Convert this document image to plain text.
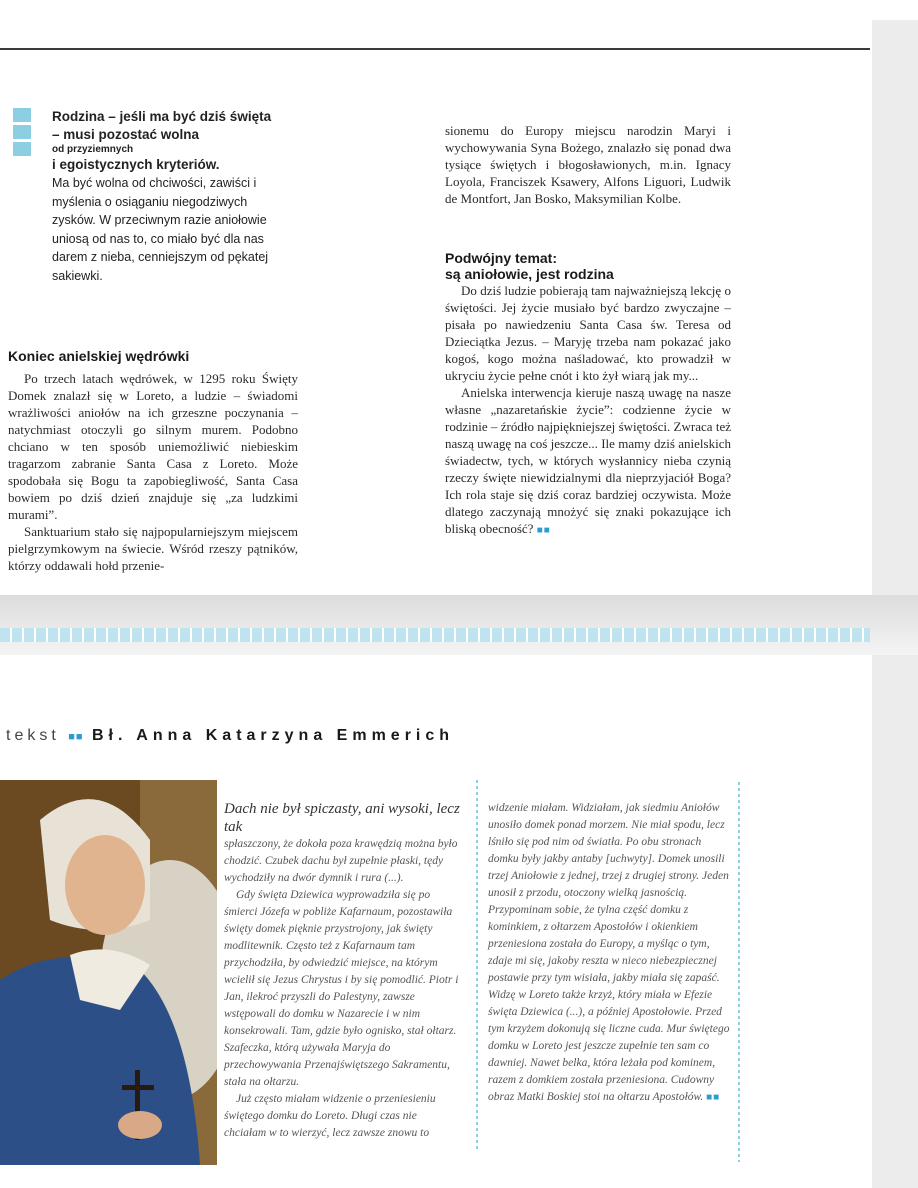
Rodzina – jeśli ma być dziś święta
– musi pozostać wolna
od przyziemnych
i egoistycznych kryteriów.
Ma być wolna od chciwości, zawiści i myślenia o osiąganiu niegodziwych zysków. W przeciwnym razie aniołowie uniosą od nas to, co miało być dla nas darem z nieba, cenniejszym od pękatej sakiewki.
Koniec anielskiej wędrówki

Po trzech latach wędrówek, w 1295 roku Święty Domek znalazł się w Loreto, a ludzie – świadomi wrażliwości aniołów na ich grzeszne poczynania – natychmiast otoczyli go silnym murem. Podobno chciano w ten sposób uniemożliwić niebieskim tragarzom zabranie Santa Casa z Loreto. Może spodobała się Bogu ta zapobiegliwość, Santa Casa bowiem po dziś dzień znajduje się „za ludzkimi murami”.

Sanktuarium stało się najpopularniejszym miejscem pielgrzymkowym na świecie. Wśród rzeszy pątników, którzy oddawali hołd przenie-

sionemu do Europy miejscu narodzin Maryi i wychowywania Syna Bożego, znalazło się ponad dwa tysiące świętych i błogosławionych, m.in. Ignacy Loyola, Franciszek Ksawery, Alfons Liguori, Ludwik de Montfort, Jan Bosko, Maksymilian Kolbe.

Podwójny temat:
są aniołowie, jest rodzina

Do dziś ludzie pobierają tam najważniejszą lekcję o świętości. Jej życie musiało być bardzo zwyczajne – pisała po nawiedzeniu Santa Casa św. Teresa od Dzieciątka Jezus. – Maryję trzeba nam pokazać jako kogoś, kogo można naśladować, kto prowadził w ukryciu życie pełne cnót i kto żył wiarą jak my...

Anielska interwencja kieruje naszą uwagę na nasze własne „nazaretańskie życie”: codzienne życie w rodzinie – źródło najpiękniejszej świętości. Zwraca też naszą uwagę na coś jeszcze... Ile mamy dziś anielskich świadectw, tych, w których wysłannicy nieba czynią rzeczy święte niewidzialnymi dla nieprzyjaciół Boga? Ich rola staje się dziś coraz bardziej oczywista. Może dlatego zaczynają mnożyć się znaki pokazujące ich bliską obecność? ■■

tekst ■■ Bł. Anna Katarzyna Emmerich

Dach nie był spiczasty, ani wysoki, lecz tak

spłaszczony, że dokoła poza krawędzią można było chodzić. Czubek dachu był zupełnie płaski, tędy wychodziły na dwór dymnik i rura (...).

Gdy święta Dziewica wyprowadziła się po śmierci Józefa w pobliże Kafarnaum, pozostawiła święty domek pięknie przystrojony, jak święty modlitewnik. Często też z Kafarnaum tam przychodziła, by odwiedzić miejsce, na którym wcielił się Jezus Chrystus i by się pomodlić. Piotr i Jan, ilekroć przyszli do Palestyny, zawsze wstępowali do domku w Nazarecie i w nim konsekrowali. Tam, gdzie było ognisko, stał ołtarz. Szafeczka, którą używała Maryja do przechowywania Przenajświętszego Sakramentu, stała na ołtarzu.

Już często miałam widzenie o przeniesieniu świętego domku do Loreto. Długi czas nie chciałam w to wierzyć, lecz zawsze znowu to

widzenie miałam. Widziałam, jak siedmiu Aniołów unosiło domek ponad morzem. Nie miał spodu, lecz lśniło się pod nim od światła. Po obu stronach domku były jakby antaby [uchwyty]. Domek unosili trzej Aniołowie z jednej, trzej z drugiej strony. Jeden unosił z przodu, otoczony wielką jasnością. Przypominam sobie, że tylna część domku z kominkiem, z ołtarzem Apostołów i okienkiem przeniesiona została do Europy, a myśląc o tym, zdaje mi się, jakoby reszta w nieco niebezpiecznej postawie przy tym wisiała, jakby miała się zapaść. Widzę w Loreto także krzyż, który miała w Efezie święta Dziewica (...), a później Apostołowie. Przed tym krzyżem dokonują się liczne cuda. Mur świętego domku w Loreto jest jeszcze zupełnie ten sam co dawniej. Nawet belka, która leżała pod kominem, razem z domkiem została przeniesiona. Cudowny obraz Matki Boskiej stoi na ołtarzu Apostołów. ■■
